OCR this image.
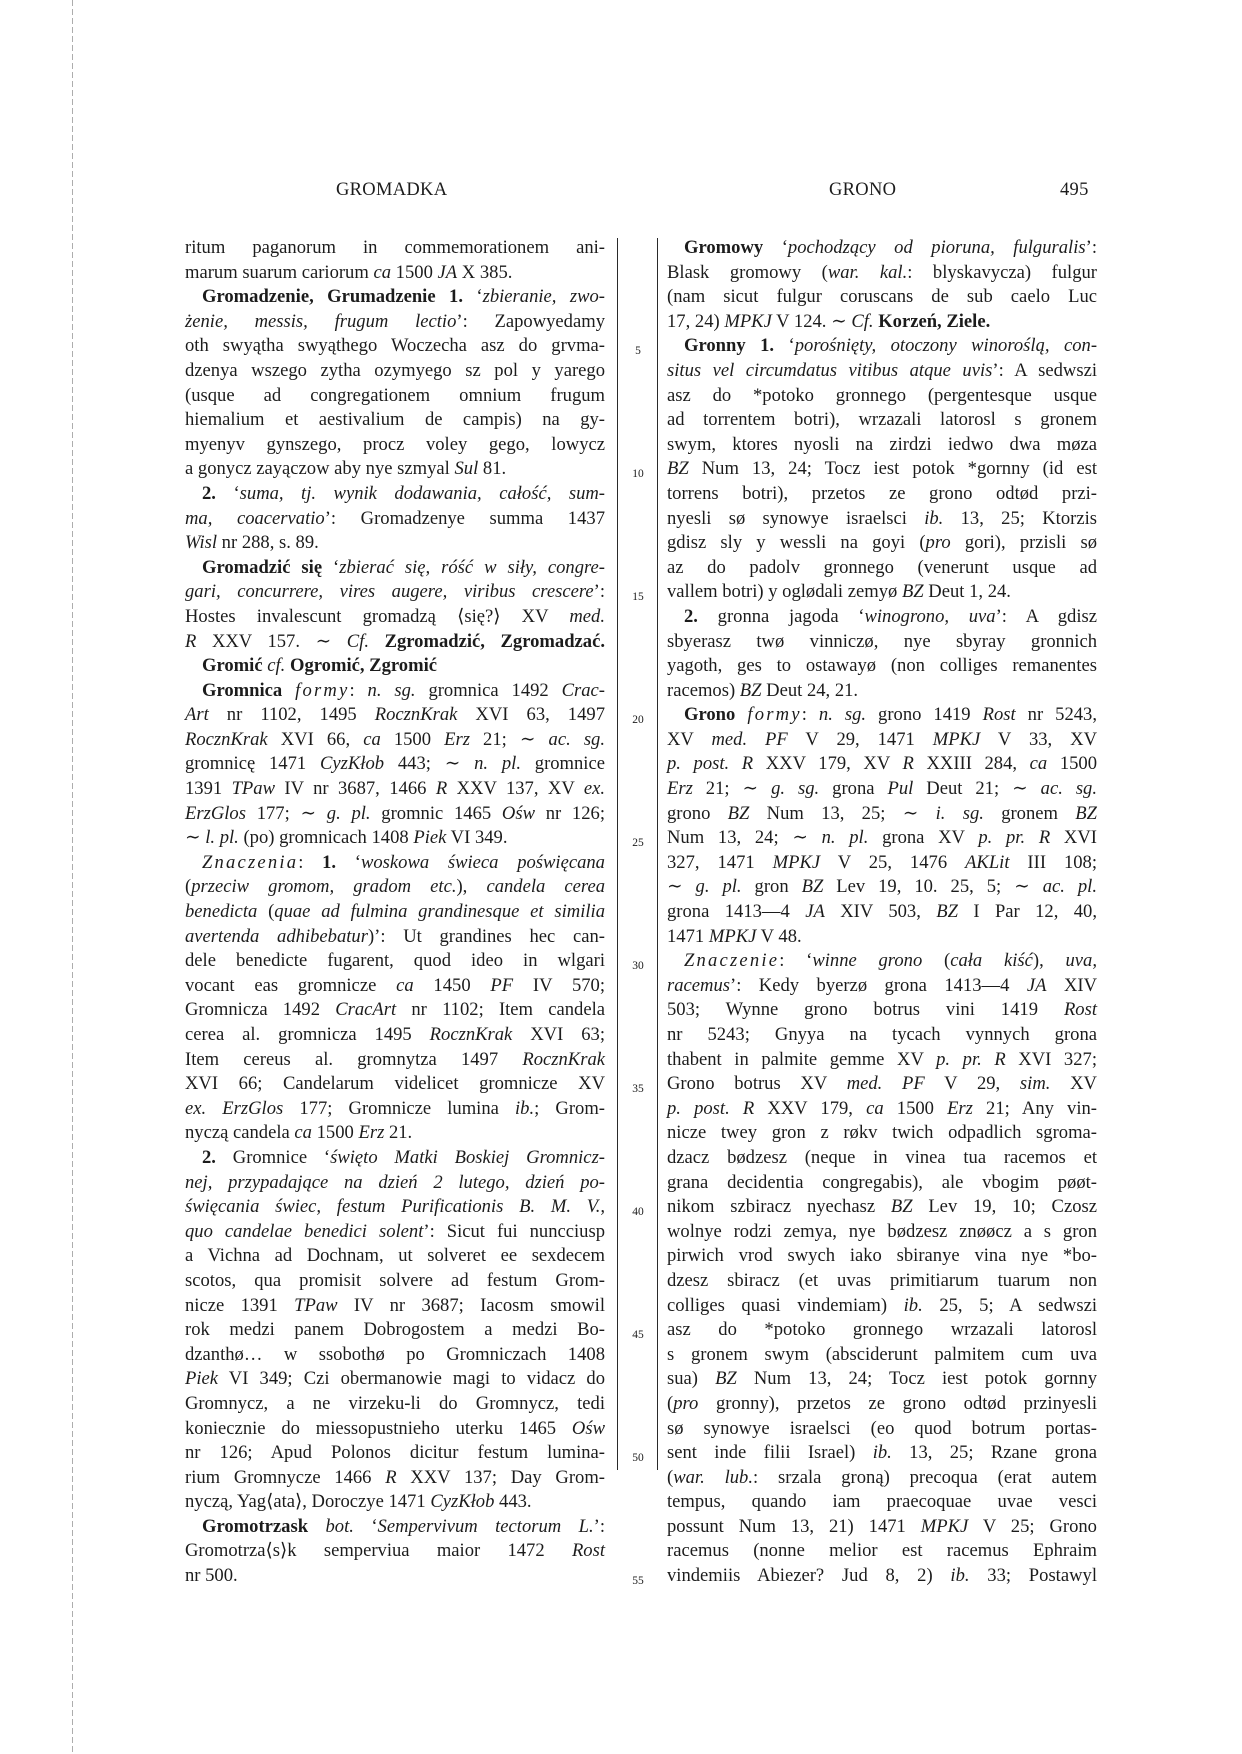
GROMADKA	GRONO	495
ritum paganorum in commemorationem ani-
marum suarum cariorum ca 1500 JA X 385.
Gromadzenie, Grumadzenie 1. ‘zbieranie, zwo-
żenie, messis, frugum lectio’: Zapowyedamy
oth swyątha swyąthego Woczecha asz do grvma-
dzenya wszego zytha ozymyego sz pol y yarego
(usque ad congregationem omnium frugum
hiemalium et aestivalium de campis) na gy-
myenyv gynszego, procz voley gego, lowycz
a gonycz zayączow aby nye szmyal Sul 81.
2. ‘suma, tj. wynik dodawania, całość, sum-
ma, coacervatio’: Gromadzenye summa 1437
Wisl nr 288, s. 89.
Gromadzić się ‘zbierać się, róść w siły, congre-
gari, concurrere, vires augere, viribus crescere’:
Hostes invalescunt gromadzą ⟨się?⟩ XV med.
R XXV 157. ∼ Cf. Zgromadzić, Zgromadzać.
Gromić cf. Ogromić, Zgromić
Gromnica formy: n. sg. gromnica 1492 Crac-
Art nr 1102, 1495 RocznKrak XVI 63, 1497
RocznKrak XVI 66, ca 1500 Erz 21; ∼ ac. sg.
gromnicę 1471 CyzKłob 443; ∼ n. pl. gromnice
1391 TPaw IV nr 3687, 1466 R XXV 137, XV ex.
ErzGlos 177; ∼ g. pl. gromnic 1465 Ośw nr 126;
∼ l. pl. (po) gromnicach 1408 Piek VI 349.
Znaczenia: 1. ‘woskowa świeca poświęcana
(przeciw gromom, gradom etc.), candela cerea
benedicta (quae ad fulmina grandinesque et similia
avertenda adhibebatur)’: Ut grandines hec can-
dele benedicte fugarent, quod ideo in wlgari
vocant eas gromnicze ca 1450 PF IV 570;
Gromnicza 1492 CracArt nr 1102; Item candela
cerea al. gromnicza 1495 RocznKrak XVI 63;
Item cereus al. gromnytza 1497 RocznKrak
XVI 66; Candelarum videlicet gromnicze XV
ex. ErzGlos 177; Gromnicze lumina ib.; Grom-
nyczą candela ca 1500 Erz 21.
2. Gromnice ‘święto Matki Boskiej Gromnicz-
nej, przypadające na dzień 2 lutego, dzień po-
święcania świec, festum Purificationis B. M. V.,
quo candelae benedici solent’: Sicut fui nuncciusp
a Vichna ad Dochnam, ut solveret ee sexdecem
scotos, qua promisit solvere ad festum Grom-
nicze 1391 TPaw IV nr 3687; Iacosm smowil
rok medzi panem Dobrogostem a medzi Bo-
dzanthø… w ssobothø po Gromniczach 1408
Piek VI 349; Czi obermanowie magi to vidacz do
Gromnycz, a ne virzeku-li do Gromnycz, tedi
koniecznie do miessopustnieho uterku 1465 Ośw
nr 126; Apud Polonos dicitur festum lumina-
rium Gromnycze 1466 R XXV 137; Day Grom-
nyczą, Yag⟨ata⟩, Doroczye 1471 CyzKłob 443.
Gromotrzask bot. ‘Sempervivum tectorum L.’:
Gromotrza⟨s⟩k semperviua maior 1472 Rost
nr 500.
5
10
15
20
25
30
35
40
45
50
55
Gromowy ‘pochodzący od pioruna, fulguralis’:
Blask gromowy (war. kal.: blyskavycza) fulgur
(nam sicut fulgur coruscans de sub caelo Luc
17, 24) MPKJ V 124. ∼ Cf. Korzeń, Ziele.
Gronny 1. ‘porośnięty, otoczony winoroślą, con-
situs vel circumdatus vitibus atque uvis’: A sedwszi
asz do *potoko gronnego (pergentesque usque
ad torrentem botri), wrzazali latorosl s gronem
swym, ktores nyosli na zirdzi iedwo dwa møza
BZ Num 13, 24; Tocz iest potok *gornny (id est
torrens botri), przetos ze grono odtød przi-
nyesli sø synowye israelsci ib. 13, 25; Ktorzis
gdisz sly y wessli na goyi (pro gori), przisli sø
az do padolv gronnego (venerunt usque ad
vallem botri) y oglødali zemyø BZ Deut 1, 24.
2. gronna jagoda ‘winogrono, uva’: A gdisz
sbyerasz twø vinniczø, nye sbyray gronnich
yagoth, ges to ostawayø (non colliges remanentes
racemos) BZ Deut 24, 21.
Grono formy: n. sg. grono 1419 Rost nr 5243,
XV med. PF V 29, 1471 MPKJ V 33, XV
p. post. R XXV 179, XV R XXIII 284, ca 1500
Erz 21; ∼ g. sg. grona Pul Deut 21; ∼ ac. sg.
grono BZ Num 13, 25; ∼ i. sg. gronem BZ
Num 13, 24; ∼ n. pl. grona XV p. pr. R XVI
327, 1471 MPKJ V 25, 1476 AKLit III 108;
∼ g. pl. gron BZ Lev 19, 10. 25, 5; ∼ ac. pl.
grona 1413—4 JA XIV 503, BZ I Par 12, 40,
1471 MPKJ V 48.
Znaczenie: ‘winne grono (cała kiść), uva,
racemus’: Kedy byerzø grona 1413—4 JA XIV
503; Wynne grono botrus vini 1419 Rost
nr 5243; Gnyya na tycach vynnych grona
thabent in palmite gemme XV p. pr. R XVI 327;
Grono botrus XV med. PF V 29, sim. XV
p. post. R XXV 179, ca 1500 Erz 21; Any vin-
nicze twey gron z røkv twich odpadlich sgroma-
dzacz bødzesz (neque in vinea tua racemos et
grana decidentia congregabis), ale vbogim pøøt-
nikom szbiracz nyechasz BZ Lev 19, 10; Czosz
wolnye rodzi zemya, nye bødzesz znøøcz a s gron
pirwich vrod swych iako sbiranye vina nye *bo-
dzesz sbiracz (et uvas primitiarum tuarum non
colliges quasi vindemiam) ib. 25, 5; A sedwszi
asz do *potoko gronnego wrzazali latorosl
s gronem swym (absciderunt palmitem cum uva
sua) BZ Num 13, 24; Tocz iest potok gornny
(pro gronny), przetos ze grono odtød przinyesli
sø synowye israelsci (eo quod botrum portas-
sent inde filii Israel) ib. 13, 25; Rzane grona
(war. lub.: srzala groną) precoqua (erat autem
tempus, quando iam praecoquae uvae vesci
possunt Num 13, 21) 1471 MPKJ V 25; Grono
racemus (nonne melior est racemus Ephraim
vindemiis Abiezer? Jud 8, 2) ib. 33; Postawyl
